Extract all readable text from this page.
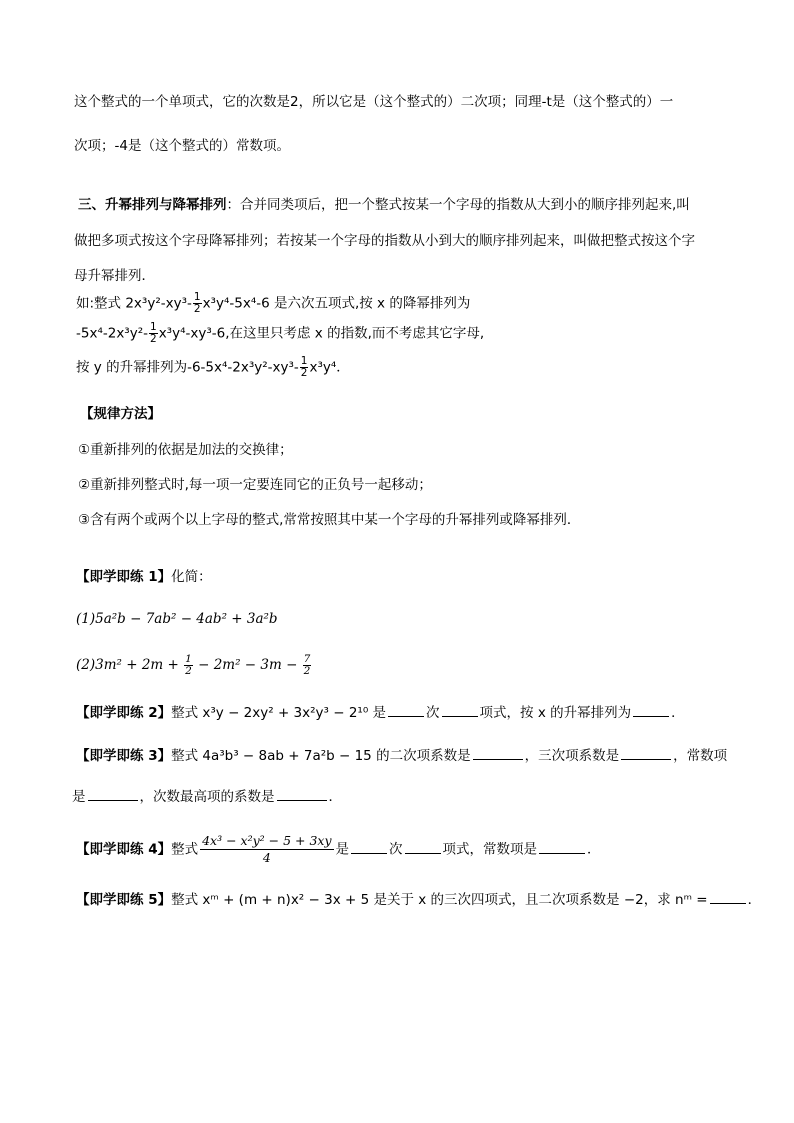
这个整式的一个单项式，它的次数是2，所以它是（这个整式的）二次项；同理-t是（这个整式的）一
次项；-4是（这个整式的）常数项。
三、升幂排列与降幂排列：合并同类项后，把一个整式按某一个字母的指数从大到小的顺序排列起来,叫
做把多项式按这个字母降幂排列；若按某一个字母的指数从小到大的顺序排列起来，叫做把整式按这个字
母升幂排列．
如:整式 $2x^3y^2-xy^3- \frac{1}{2} x^3y^4-5x^4-6$ 是六次五项式,按 x 的降幂排列为
$-5x^4-2x^3y^2- \frac{1}{2} x^3y^4-xy^3-6$,在这里只考虑 x 的指数,而不考虑其它字母,
按 y 的升幂排列为$-6-5x^4-2x^3y^2-xy^3- \frac{1}{2} x^3y^4$．
【规律方法】
①重新排列的依据是加法的交换律；
②重新排列整式时,每一项一定要连同它的正负号一起移动；
③含有两个或两个以上字母的整式,常常按照其中某一个字母的升幂排列或降幂排列．
【即学即练 1】化简：
(1)5a²b − 7ab² − 4ab² + 3a²b
$(2)3m^2 + 2m + \frac{1}{2} - 2m^2 - 3m - \frac{7}{2}$
【即学即练 2】整式 x³y − 2xy² + 3x²y³ − 2¹⁰ 是	次	项式，按 x 的升幂排列为	．
【即学即练 3】整式 4a³b³ − 8ab + 7a²b − 15 的二次项系数是	，三次项系数是	，常数项
是	，次数最高项的系数是	．
【即学即练 4】整式 $\frac{\text{4x³ − x²y² − 5 + 3xy}}{4}$ 是	次	项式，常数项是	．
【即学即练 5】整式 xᵐ + (m + n)x² − 3x + 5 是关于 x 的三次四项式，且二次项系数是 −2，求 nᵐ =	．
